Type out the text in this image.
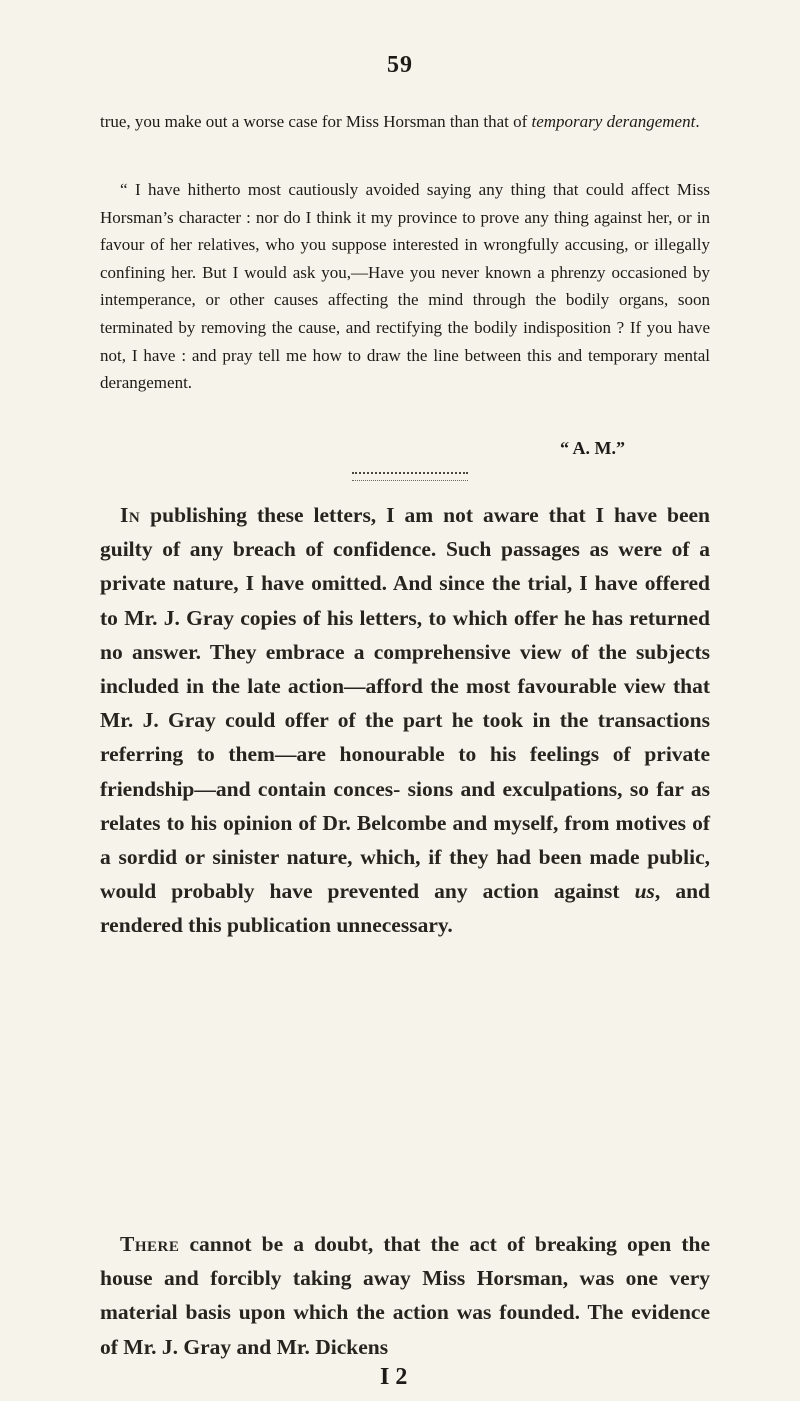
59
true, you make out a worse case for Miss Horsman than that of temporary derangement.
“ I have hitherto most cautiously avoided saying any thing that could affect Miss Horsman’s character : nor do I think it my province to prove any thing against her, or in favour of her relatives, who you suppose interested in wrongfully accusing, or illegally confining her. But I would ask you,—Have you never known a phrenzy occasioned by intemperance, or other causes affecting the mind through the bodily organs, soon terminated by removing the cause, and rectifying the bodily indisposition ? If you have not, I have : and pray tell me how to draw the line between this and temporary mental derangement.
“ A. M.”
In publishing these letters, I am not aware that I have been guilty of any breach of confidence. Such passages as were of a private nature, I have omitted. And since the trial, I have offered to Mr. J. Gray copies of his letters, to which offer he has returned no answer. They embrace a comprehensive view of the subjects included in the late action—afford the most favourable view that Mr. J. Gray could offer of the part he took in the transactions referring to them—are honourable to his feelings of private friendship—and contain conces- sions and exculpations, so far as relates to his opinion of Dr. Belcombe and myself, from motives of a sordid or sinister nature, which, if they had been made public, would probably have prevented any action against us, and rendered this publication unnecessary.
There cannot be a doubt, that the act of breaking open the house and forcibly taking away Miss Horsman, was one very material basis upon which the action was founded. The evidence of Mr. J. Gray and Mr. Dickens
I 2
